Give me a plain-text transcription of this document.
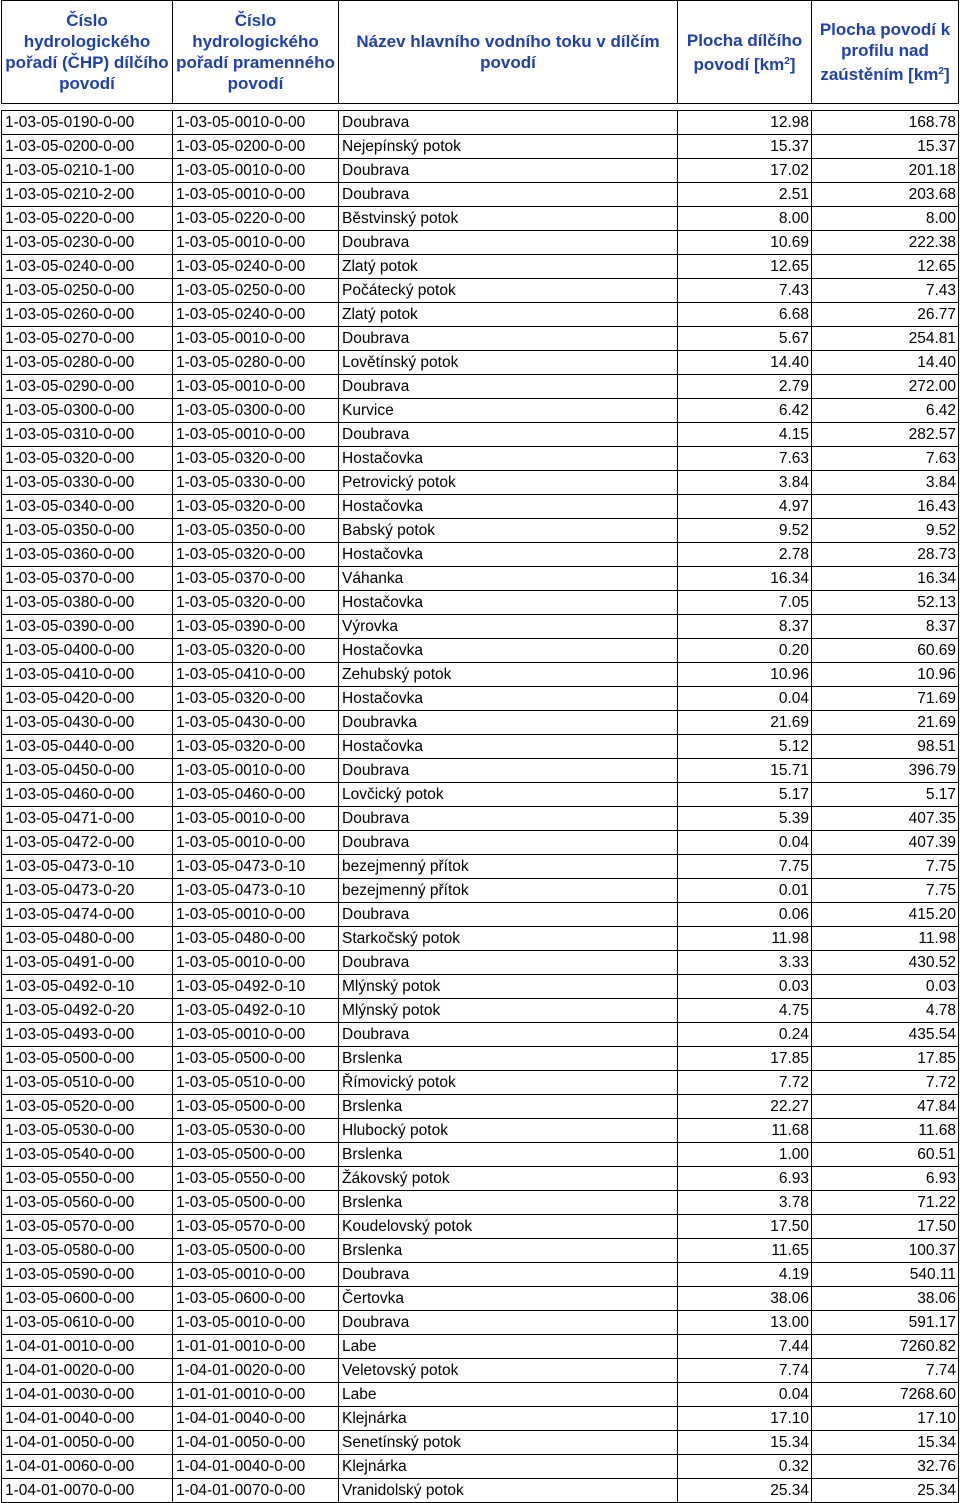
Číslo hydrologického pořadí (ČHP) dílčího povodí	Číslo hydrologického pořadí pramenného povodí	Název hlavního vodního toku v dílčím povodí	Plocha dílčího povodí $[km^2]$	Plocha povodí k profilu nad zaústěním $[km^2]$

1-03-05-0190-0-00	1-03-05-0010-0-00	Doubrava	12.98	168.78
1-03-05-0200-0-00	1-03-05-0200-0-00	Nejepínský potok	15.37	15.37
1-03-05-0210-1-00	1-03-05-0010-0-00	Doubrava	17.02	201.18
1-03-05-0210-2-00	1-03-05-0010-0-00	Doubrava	2.51	203.68
1-03-05-0220-0-00	1-03-05-0220-0-00	Běstvinský potok	8.00	8.00
1-03-05-0230-0-00	1-03-05-0010-0-00	Doubrava	10.69	222.38
1-03-05-0240-0-00	1-03-05-0240-0-00	Zlatý potok	12.65	12.65
1-03-05-0250-0-00	1-03-05-0250-0-00	Počátecký potok	7.43	7.43
1-03-05-0260-0-00	1-03-05-0240-0-00	Zlatý potok	6.68	26.77
1-03-05-0270-0-00	1-03-05-0010-0-00	Doubrava	5.67	254.81
1-03-05-0280-0-00	1-03-05-0280-0-00	Lovětínský potok	14.40	14.40
1-03-05-0290-0-00	1-03-05-0010-0-00	Doubrava	2.79	272.00
1-03-05-0300-0-00	1-03-05-0300-0-00	Kurvice	6.42	6.42
1-03-05-0310-0-00	1-03-05-0010-0-00	Doubrava	4.15	282.57
1-03-05-0320-0-00	1-03-05-0320-0-00	Hostačovka	7.63	7.63
1-03-05-0330-0-00	1-03-05-0330-0-00	Petrovický potok	3.84	3.84
1-03-05-0340-0-00	1-03-05-0320-0-00	Hostačovka	4.97	16.43
1-03-05-0350-0-00	1-03-05-0350-0-00	Babský potok	9.52	9.52
1-03-05-0360-0-00	1-03-05-0320-0-00	Hostačovka	2.78	28.73
1-03-05-0370-0-00	1-03-05-0370-0-00	Váhanka	16.34	16.34
1-03-05-0380-0-00	1-03-05-0320-0-00	Hostačovka	7.05	52.13
1-03-05-0390-0-00	1-03-05-0390-0-00	Výrovka	8.37	8.37
1-03-05-0400-0-00	1-03-05-0320-0-00	Hostačovka	0.20	60.69
1-03-05-0410-0-00	1-03-05-0410-0-00	Zehubský potok	10.96	10.96
1-03-05-0420-0-00	1-03-05-0320-0-00	Hostačovka	0.04	71.69
1-03-05-0430-0-00	1-03-05-0430-0-00	Doubravka	21.69	21.69
1-03-05-0440-0-00	1-03-05-0320-0-00	Hostačovka	5.12	98.51
1-03-05-0450-0-00	1-03-05-0010-0-00	Doubrava	15.71	396.79
1-03-05-0460-0-00	1-03-05-0460-0-00	Lovčický potok	5.17	5.17
1-03-05-0471-0-00	1-03-05-0010-0-00	Doubrava	5.39	407.35
1-03-05-0472-0-00	1-03-05-0010-0-00	Doubrava	0.04	407.39
1-03-05-0473-0-10	1-03-05-0473-0-10	bezejmenný přítok	7.75	7.75
1-03-05-0473-0-20	1-03-05-0473-0-10	bezejmenný přítok	0.01	7.75
1-03-05-0474-0-00	1-03-05-0010-0-00	Doubrava	0.06	415.20
1-03-05-0480-0-00	1-03-05-0480-0-00	Starkočský potok	11.98	11.98
1-03-05-0491-0-00	1-03-05-0010-0-00	Doubrava	3.33	430.52
1-03-05-0492-0-10	1-03-05-0492-0-10	Mlýnský potok	0.03	0.03
1-03-05-0492-0-20	1-03-05-0492-0-10	Mlýnský potok	4.75	4.78
1-03-05-0493-0-00	1-03-05-0010-0-00	Doubrava	0.24	435.54
1-03-05-0500-0-00	1-03-05-0500-0-00	Brslenka	17.85	17.85
1-03-05-0510-0-00	1-03-05-0510-0-00	Římovický potok	7.72	7.72
1-03-05-0520-0-00	1-03-05-0500-0-00	Brslenka	22.27	47.84
1-03-05-0530-0-00	1-03-05-0530-0-00	Hlubocký potok	11.68	11.68
1-03-05-0540-0-00	1-03-05-0500-0-00	Brslenka	1.00	60.51
1-03-05-0550-0-00	1-03-05-0550-0-00	Žákovský potok	6.93	6.93
1-03-05-0560-0-00	1-03-05-0500-0-00	Brslenka	3.78	71.22
1-03-05-0570-0-00	1-03-05-0570-0-00	Koudelovský potok	17.50	17.50
1-03-05-0580-0-00	1-03-05-0500-0-00	Brslenka	11.65	100.37
1-03-05-0590-0-00	1-03-05-0010-0-00	Doubrava	4.19	540.11
1-03-05-0600-0-00	1-03-05-0600-0-00	Čertovka	38.06	38.06
1-03-05-0610-0-00	1-03-05-0010-0-00	Doubrava	13.00	591.17
1-04-01-0010-0-00	1-01-01-0010-0-00	Labe	7.44	7260.82
1-04-01-0020-0-00	1-04-01-0020-0-00	Veletovský potok	7.74	7.74
1-04-01-0030-0-00	1-01-01-0010-0-00	Labe	0.04	7268.60
1-04-01-0040-0-00	1-04-01-0040-0-00	Klejnárka	17.10	17.10
1-04-01-0050-0-00	1-04-01-0050-0-00	Senetínský potok	15.34	15.34
1-04-01-0060-0-00	1-04-01-0040-0-00	Klejnárka	0.32	32.76
1-04-01-0070-0-00	1-04-01-0070-0-00	Vranidolský potok	25.34	25.34
